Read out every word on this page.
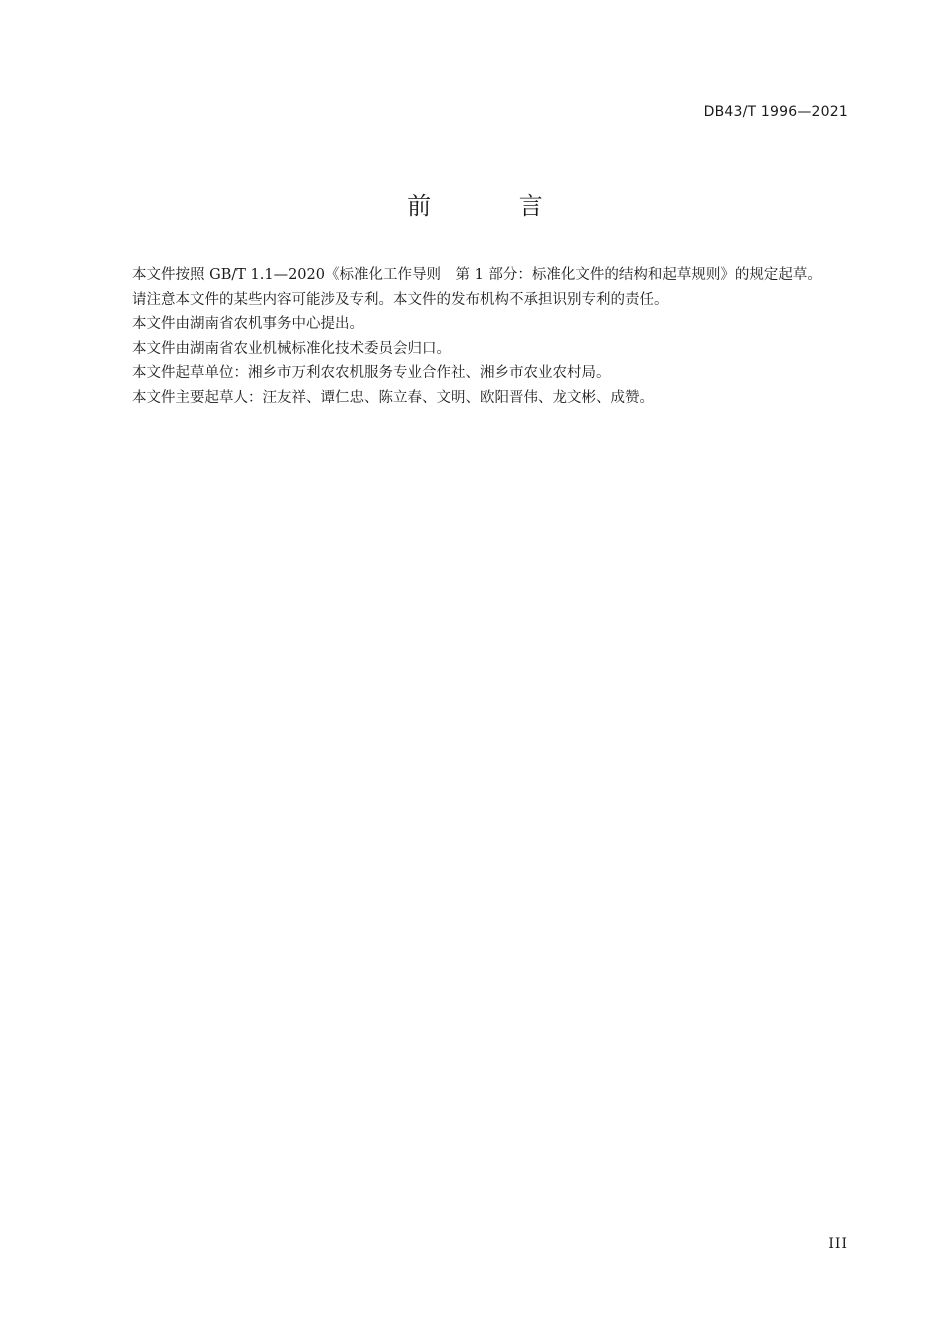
DB43/T 1996—2021
前 言

本文件按照 GB/T 1.1—2020《标准化工作导则　第 1 部分：标准化文件的结构和起草规则》的规定起草。

请注意本文件的某些内容可能涉及专利。本文件的发布机构不承担识别专利的责任。

本文件由湖南省农机事务中心提出。

本文件由湖南省农业机械标准化技术委员会归口。

本文件起草单位：湘乡市万利农农机服务专业合作社、湘乡市农业农村局。

本文件主要起草人：汪友祥、谭仁忠、陈立春、文明、欧阳晋伟、龙文彬、成赞。

III
